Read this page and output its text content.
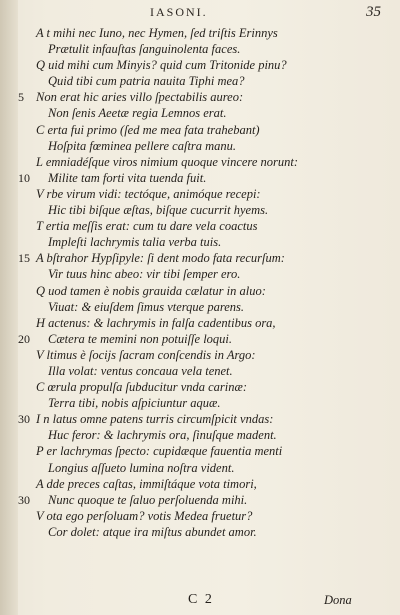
IASONI.	35
A t mihi nec Iuno, nec Hymen, ſed triſtis Erinnys
Prætulit infauſtas ſanguinolenta faces.
Q uid mihi cum Minyis? quid cum Tritonide pinu?
Quid tibi cum patria nauita Tiphi mea?
5 Non erat hic aries villo ſpectabilis aureo:
Non ſenis Aeetæ regia Lemnos erat.
C erta fui primo (ſed me mea fata trahebant)
Hoſpita fœminea pellere caſtra manu.
L emniadéſque viros nimium quoque vincere norunt:
10 Milite tam forti vita tuenda fuit.
V rbe virum vidi: tectóque, animóque recepi:
Hic tibi biſque æſtas, biſque cucurrit hyems.
T ertia meſſis erat: cum tu dare vela coactus
Impleſti lachrymis talia verba tuis.
15 A bſtrahor Hypſipyle: ſi dent modo fata recurſum:
Vir tuus hinc abeo: vir tibi ſemper ero.
Q uod tamen è nobis grauida cælatur in aluo:
Viuat: & eiuſdem ſimus vterque parens.
H actenus: & lachrymis in falſa cadentibus ora,
20 Cætera te memini non potuiſſe loqui.
V ltimus è ſocijs ſacram conſcendis in Argo:
Illa volat: ventus concaua vela tenet.
C œrula propulſa ſubducitur vnda carinæ:
Terra tibi, nobis aſpiciuntur aquæ.
30 I n latus omne patens turris circumſpicit vndas:
Huc feror: & lachrymis ora, ſinuſque madent.
P er lachrymas ſpecto: cupidæque fauentia menti
Longius aſſueto lumina noſtra vident.
A dde preces caſtas, immiſtáque vota timori,
30 Nunc quoque te ſaluo perſoluenda mihi.
V ota ego perſoluam? votis Medea fruetur?
Cor dolet: atque ira miſtus abundet amor.
C 2	Dona
